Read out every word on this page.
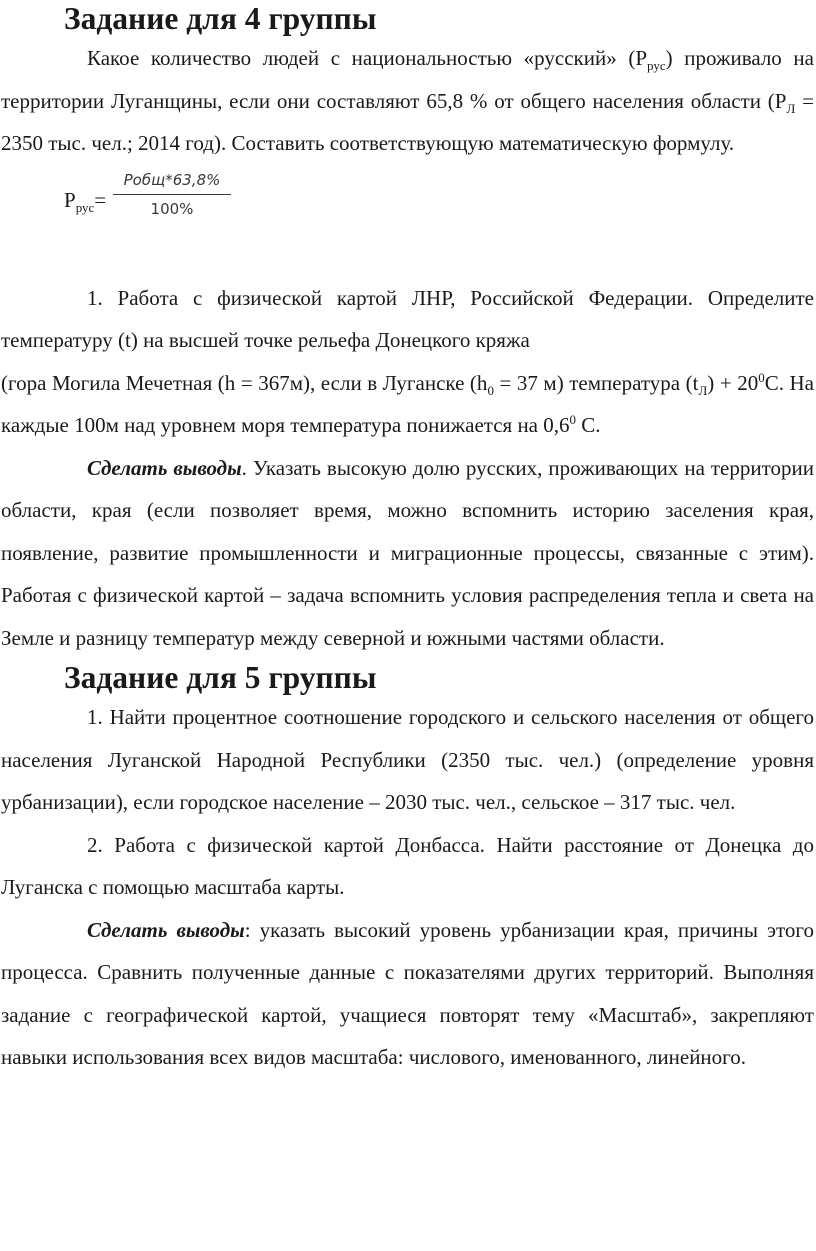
Задание для 4 группы

Какое количество людей с национальностью «русский» $(Р_{рус})$ проживало на территории Луганщины, если они составляют 65,8 % от общего населения области ($Р_Л = 2350$ тыс. чел.; 2014 год). Составить соответствующую математическую формулу.

$Р_{рус}=$
Робщ*63,8%
100%

1. Работа с физической картой ЛНР, Российской Федерации. Определите температуру (t) на высшей точке рельефа Донецкого кряжа

(гора Могила Мечетная (h = 367м), если в Луганске ($h_0 = 37$ м) температура $(t_Л) + 20^0С$. На каждые 100м над уровнем моря температура понижается на $0,6^0$ С.

Сделать выводы. Указать высокую долю русских, проживающих на территории области, края (если позволяет время, можно вспомнить историю заселения края, появление, развитие промышленности и миграционные процессы, связанные с этим). Работая с физической картой – задача вспомнить условия распределения тепла и света на Земле и разницу температур между северной и южными частями области.

Задание для 5 группы

1. Найти процентное соотношение городского и сельского населения от общего населения Луганской Народной Республики (2350 тыс. чел.) (определение уровня урбанизации), если городское население – 2030 тыс. чел., сельское – 317 тыс. чел.

2. Работа с физической картой Донбасса. Найти расстояние от Донецка до Луганска с помощью масштаба карты.

Сделать выводы: указать высокий уровень урбанизации края, причины этого процесса. Сравнить полученные данные с показателями других территорий. Выполняя задание с географической картой, учащиеся повторят тему «Масштаб», закрепляют навыки использования всех видов масштаба: числового, именованного, линейного.
